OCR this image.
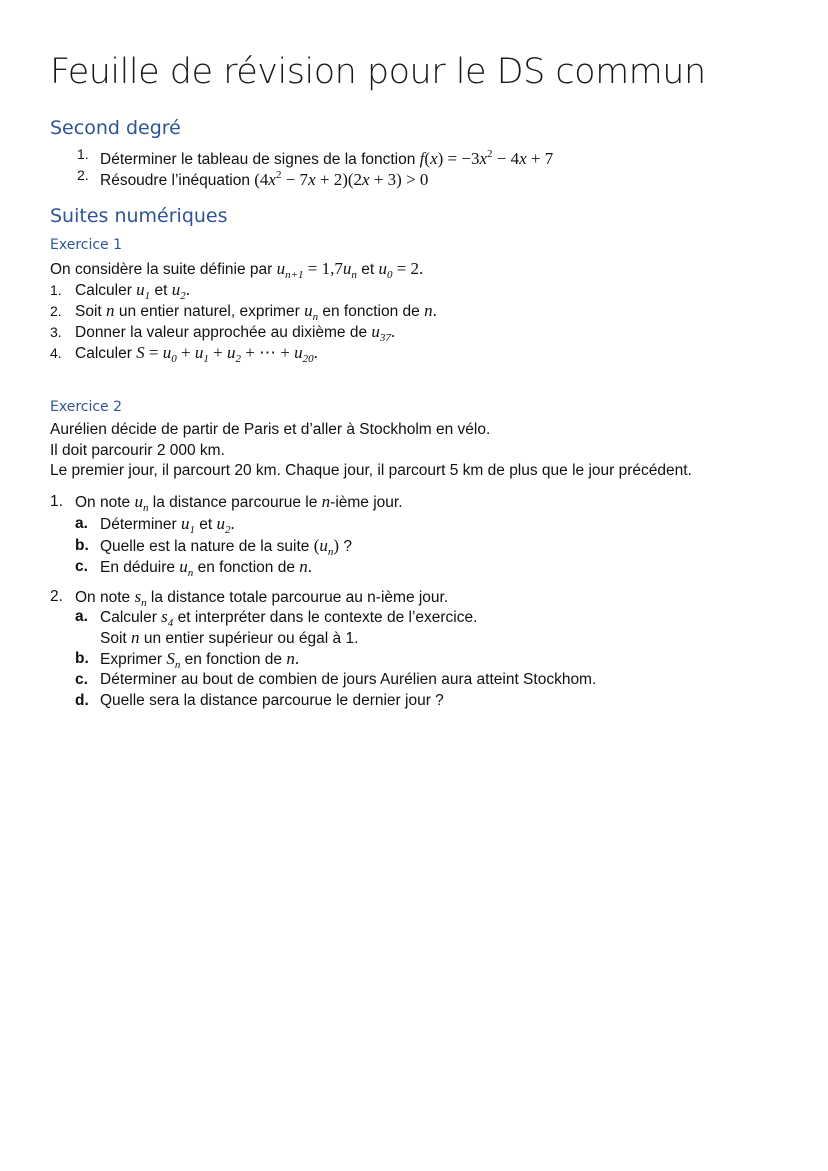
Feuille de révision pour le DS commun
Second degré
1. Déterminer le tableau de signes de la fonction $f(x) = -3x^2 - 4x + 7$
2. Résoudre l’inéquation $(4x^2 - 7x + 2)(2x + 3) > 0$
Suites numériques
Exercice 1
On considère la suite définie par $u_{n+1} = 1,7u_n$ et $u_0 = 2$.
1. Calculer $u_1$ et $u_2$.
2. Soit n un entier naturel, exprimer $u_n$ en fonction de n.
3. Donner la valeur approchée au dixième de $u_{37}$.
4. Calculer $S = u_0 + u_1 + u_2$ + ⋯ + $u_{20}$.
Exercice 2
Aurélien décide de partir de Paris et d’aller à Stockholm en vélo.
Il doit parcourir 2 000 km.
Le premier jour, il parcourt 20 km. Chaque jour, il parcourt 5 km de plus que le jour précédent.
1. On note $u_n$ la distance parcourue le n-ième jour.
a. Déterminer $u_1$ et $u_2$.
b. Quelle est la nature de la suite $(u_n)$ ?
c. En déduire $u_n$ en fonction de n.
2. On note $s_n$ la distance totale parcourue au n-ième jour.
a. Calculer $s_4$ et interpréter dans le contexte de l’exercice.
Soit n un entier supérieur ou égal à 1.
b. Exprimer $S_n$ en fonction de n.
c. Déterminer au bout de combien de jours Aurélien aura atteint Stockhom.
d. Quelle sera la distance parcourue le dernier jour ?
